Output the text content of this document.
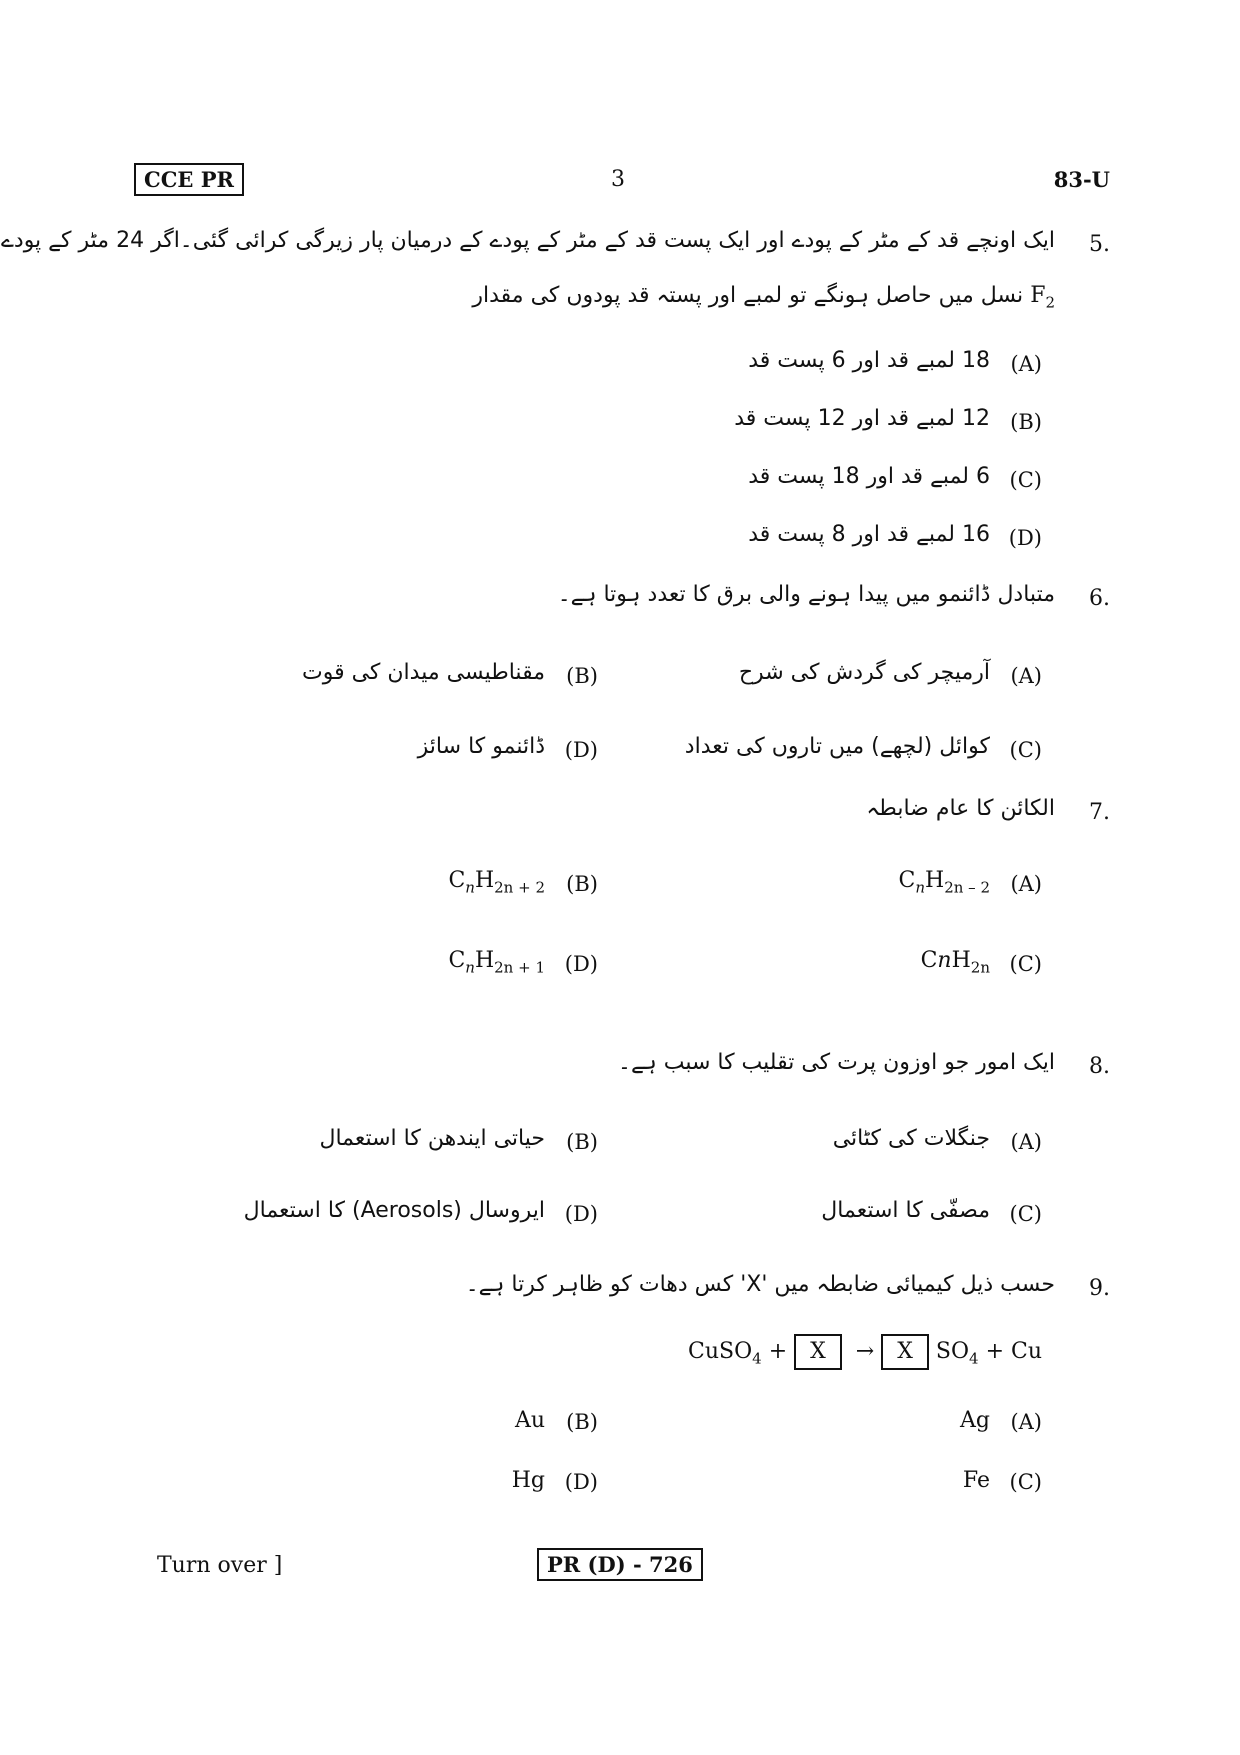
CCE PR	3	83-U
5.
ایک اونچے قد کے مٹر کے پودے اور ایک پست قد کے مٹر کے پودے کے درمیان پار زیرگی کرائی گئی۔اگر 24 مٹر کے پودے
$F_2$ نسل میں حاصل ہونگے تو لمبے اور پستہ قد پودوں کی مقدار
(A)
18 لمبے قد اور 6 پست قد
(B)
12 لمبے قد اور 12 پست قد
(C)
6 لمبے قد اور 18 پست قد
(D)
16 لمبے قد اور 8 پست قد
6.
متبادل ڈائنمو میں پیدا ہونے والی برق کا تعدد ہوتا ہے۔
(A)
آرمیچر کی گردش کی شرح
(B)
مقناطیسی میدان کی قوت
(C)
کوائل (لچھے) میں تاروں کی تعداد
(D)
ڈائنمو کا سائز
7.
الکائن کا عام ضابطہ
(A)
$C_nH_{2n - 2}$
(B)
$C_nH_{2n + 2}$
(C)
CnH$_{2n}$
(D)
$C_nH_{2n + 1}$
8.
ایک امور جو اوزون پرت کی تقلیب کا سبب ہے۔
(A)
جنگلات کی کٹائی
(B)
حیاتی ایندھن کا استعمال
(C)
مصفّی کا استعمال
(D)
ایروسال (Aerosols) کا استعمال
9.
حسب ذیل کیمیائی ضابطہ میں 'X' کس دھات کو ظاہر کرتا ہے۔
CuSO$_4$ + X → X $SO_4 + Cu$
(A)
Ag
(B)
Au
(C)
Fe
(D)
Hg
Turn over ]	PR (D) - 726
